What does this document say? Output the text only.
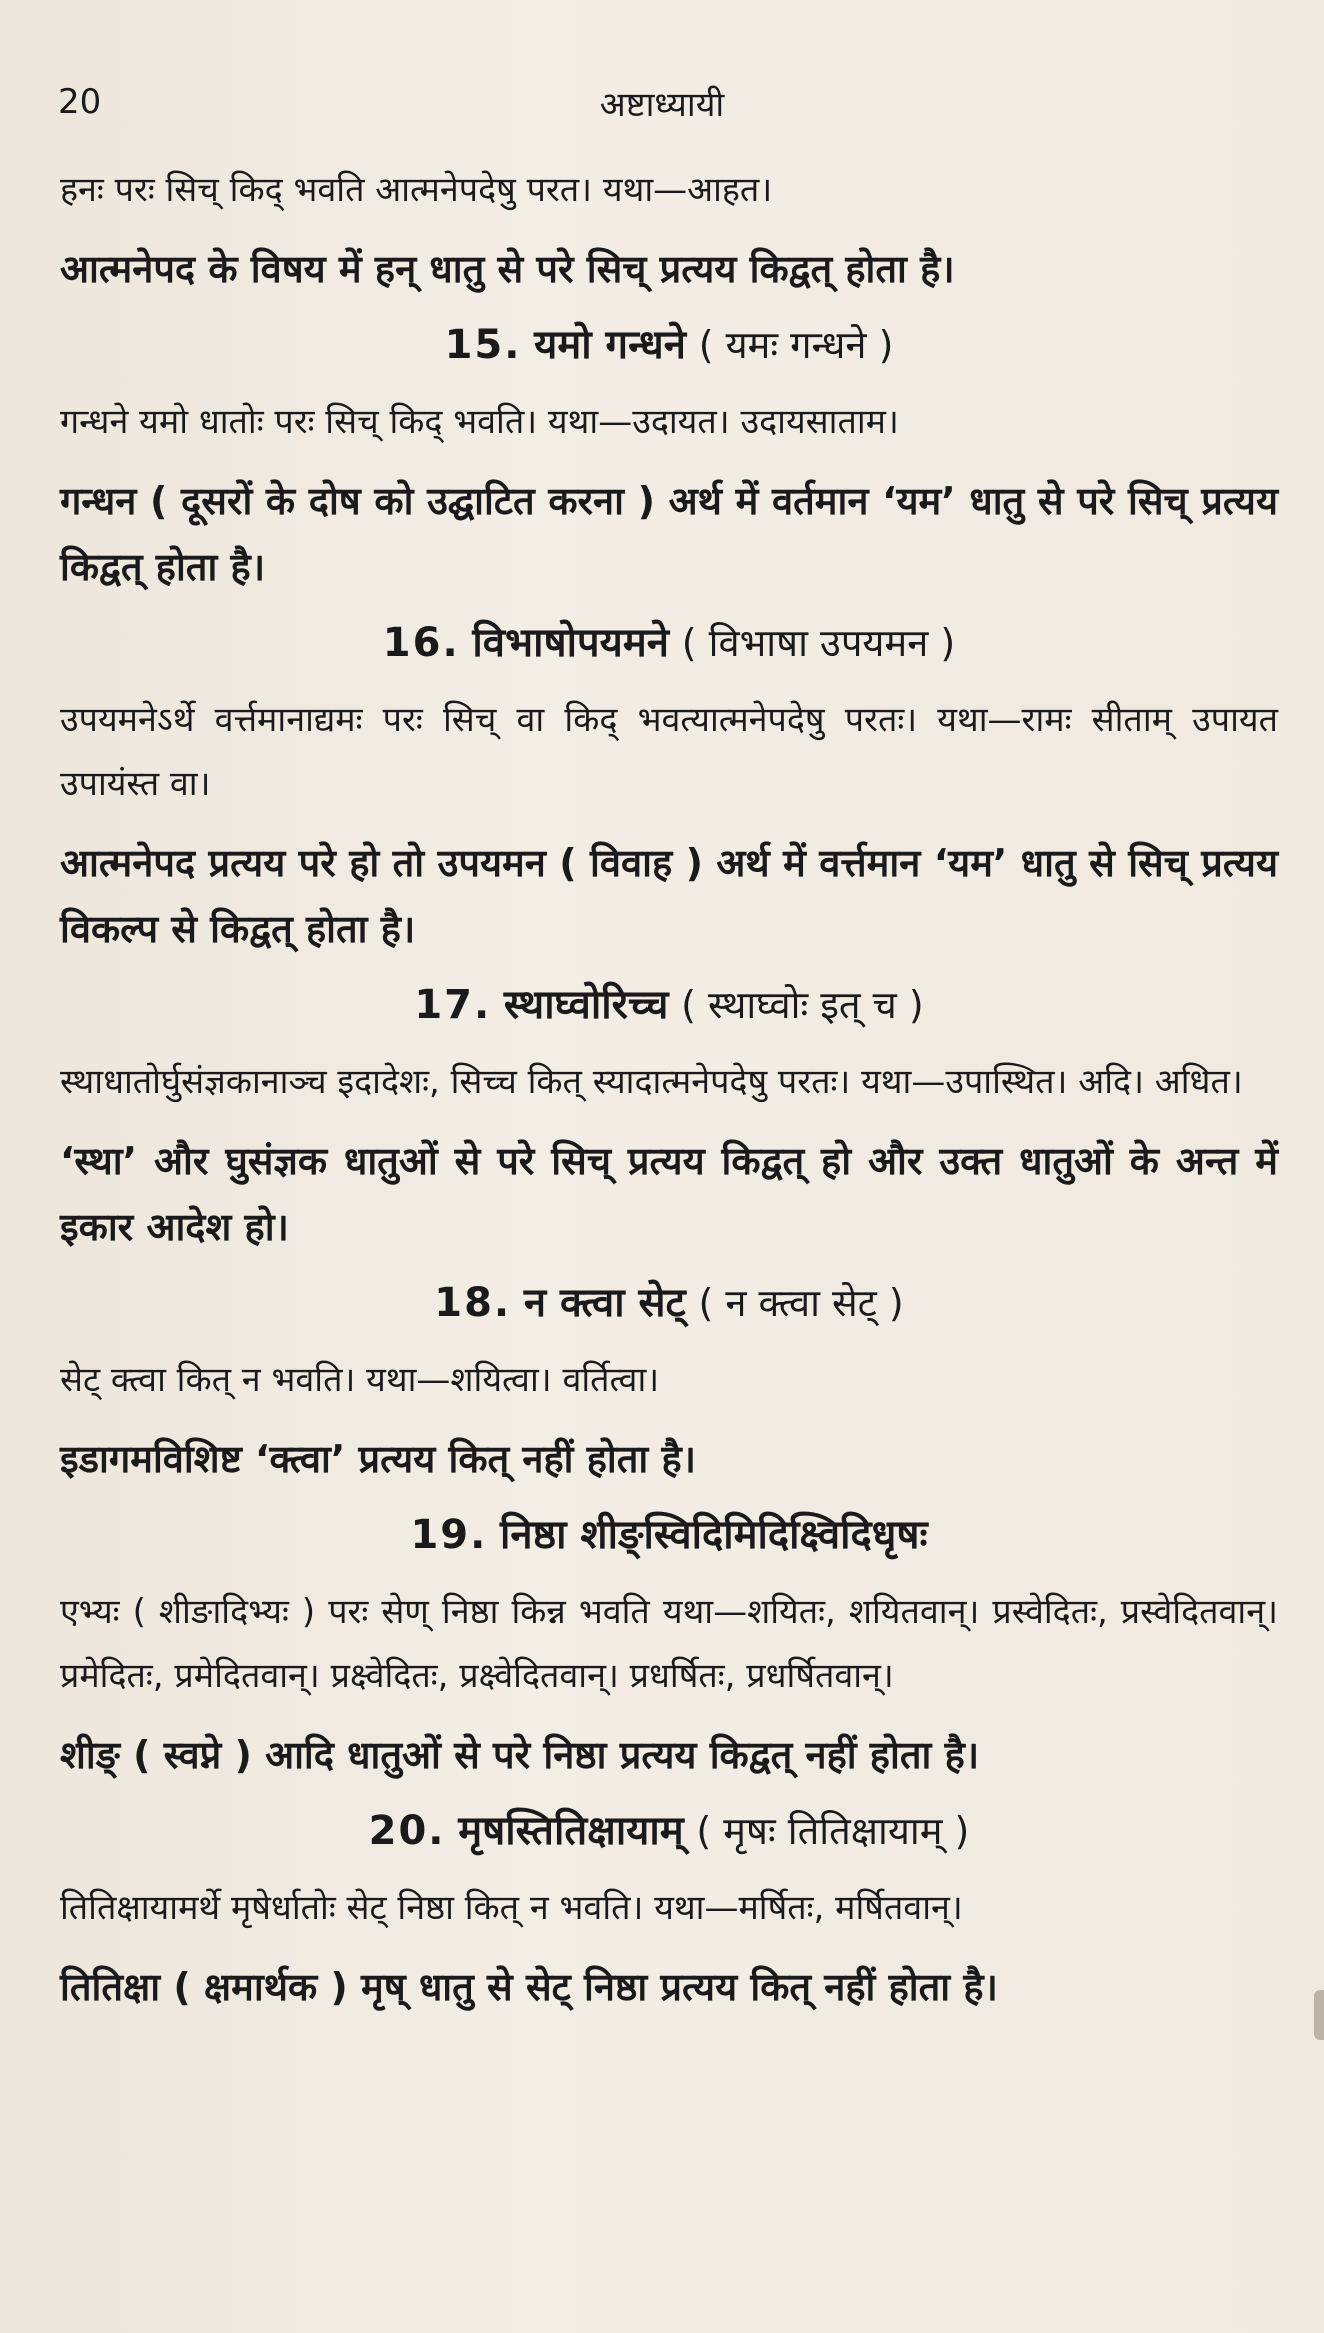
20	अष्टाध्यायी

हनः परः सिच् किद् भवति आत्मनेपदेषु परत। यथा—आहत।

आत्मनेपद के विषय में हन् धातु से परे सिच् प्रत्यय किद्वत् होता है।

15. यमो गन्धने ( यमः गन्धने )

गन्धने यमो धातोः परः सिच् किद् भवति। यथा—उदायत। उदायसाताम।

गन्धन ( दूसरों के दोष को उद्घाटित करना ) अर्थ में वर्तमान ‘यम’ धातु से परे सिच् प्रत्यय किद्वत् होता है।

16. विभाषोपयमने ( विभाषा उपयमन )

उपयमनेऽर्थे वर्त्तमानाद्यमः परः सिच् वा किद् भवत्यात्मनेपदेषु परतः। यथा—रामः सीताम् उपायत उपायंस्त वा।

आत्मनेपद प्रत्यय परे हो तो उपयमन ( विवाह ) अर्थ में वर्त्तमान ‘यम’ धातु से सिच् प्रत्यय विकल्प से किद्वत् होता है।

17. स्थाघ्वोरिच्च ( स्थाघ्वोः इत् च )

स्थाधातोर्घुसंज्ञकानाञ्च इदादेशः, सिच्च कित् स्यादात्मनेपदेषु परतः। यथा—उपास्थित। अदि। अधित।

‘स्था’ और घुसंज्ञक धातुओं से परे सिच् प्रत्यय किद्वत् हो और उक्त धातुओं के अन्त में इकार आदेश हो।

18. न क्त्वा सेट् ( न क्त्वा सेट् )

सेट् क्त्वा कित् न भवति। यथा—शयित्वा। वर्तित्वा।

इडागमविशिष्ट ‘क्त्वा’ प्रत्यय कित् नहीं होता है।

19. निष्ठा शीङ्स्विदिमिदिक्ष्विदिधृषः

एभ्यः ( शीङादिभ्यः ) परः सेण् निष्ठा किन्न भवति यथा—शयितः, शयितवान्। प्रस्वेदितः, प्रस्वेदितवान्। प्रमेदितः, प्रमेदितवान्। प्रक्ष्वेदितः, प्रक्ष्वेदितवान्। प्रधर्षितः, प्रधर्षितवान्।

शीङ् ( स्वप्ने ) आदि धातुओं से परे निष्ठा प्रत्यय किद्वत् नहीं होता है।

20. मृषस्तितिक्षायाम् ( मृषः तितिक्षायाम् )

तितिक्षायामर्थे मृषेर्धातोः सेट् निष्ठा कित् न भवति। यथा—मर्षितः, मर्षितवान्।

तितिक्षा ( क्षमार्थक ) मृष् धातु से सेट् निष्ठा प्रत्यय कित् नहीं होता है।
